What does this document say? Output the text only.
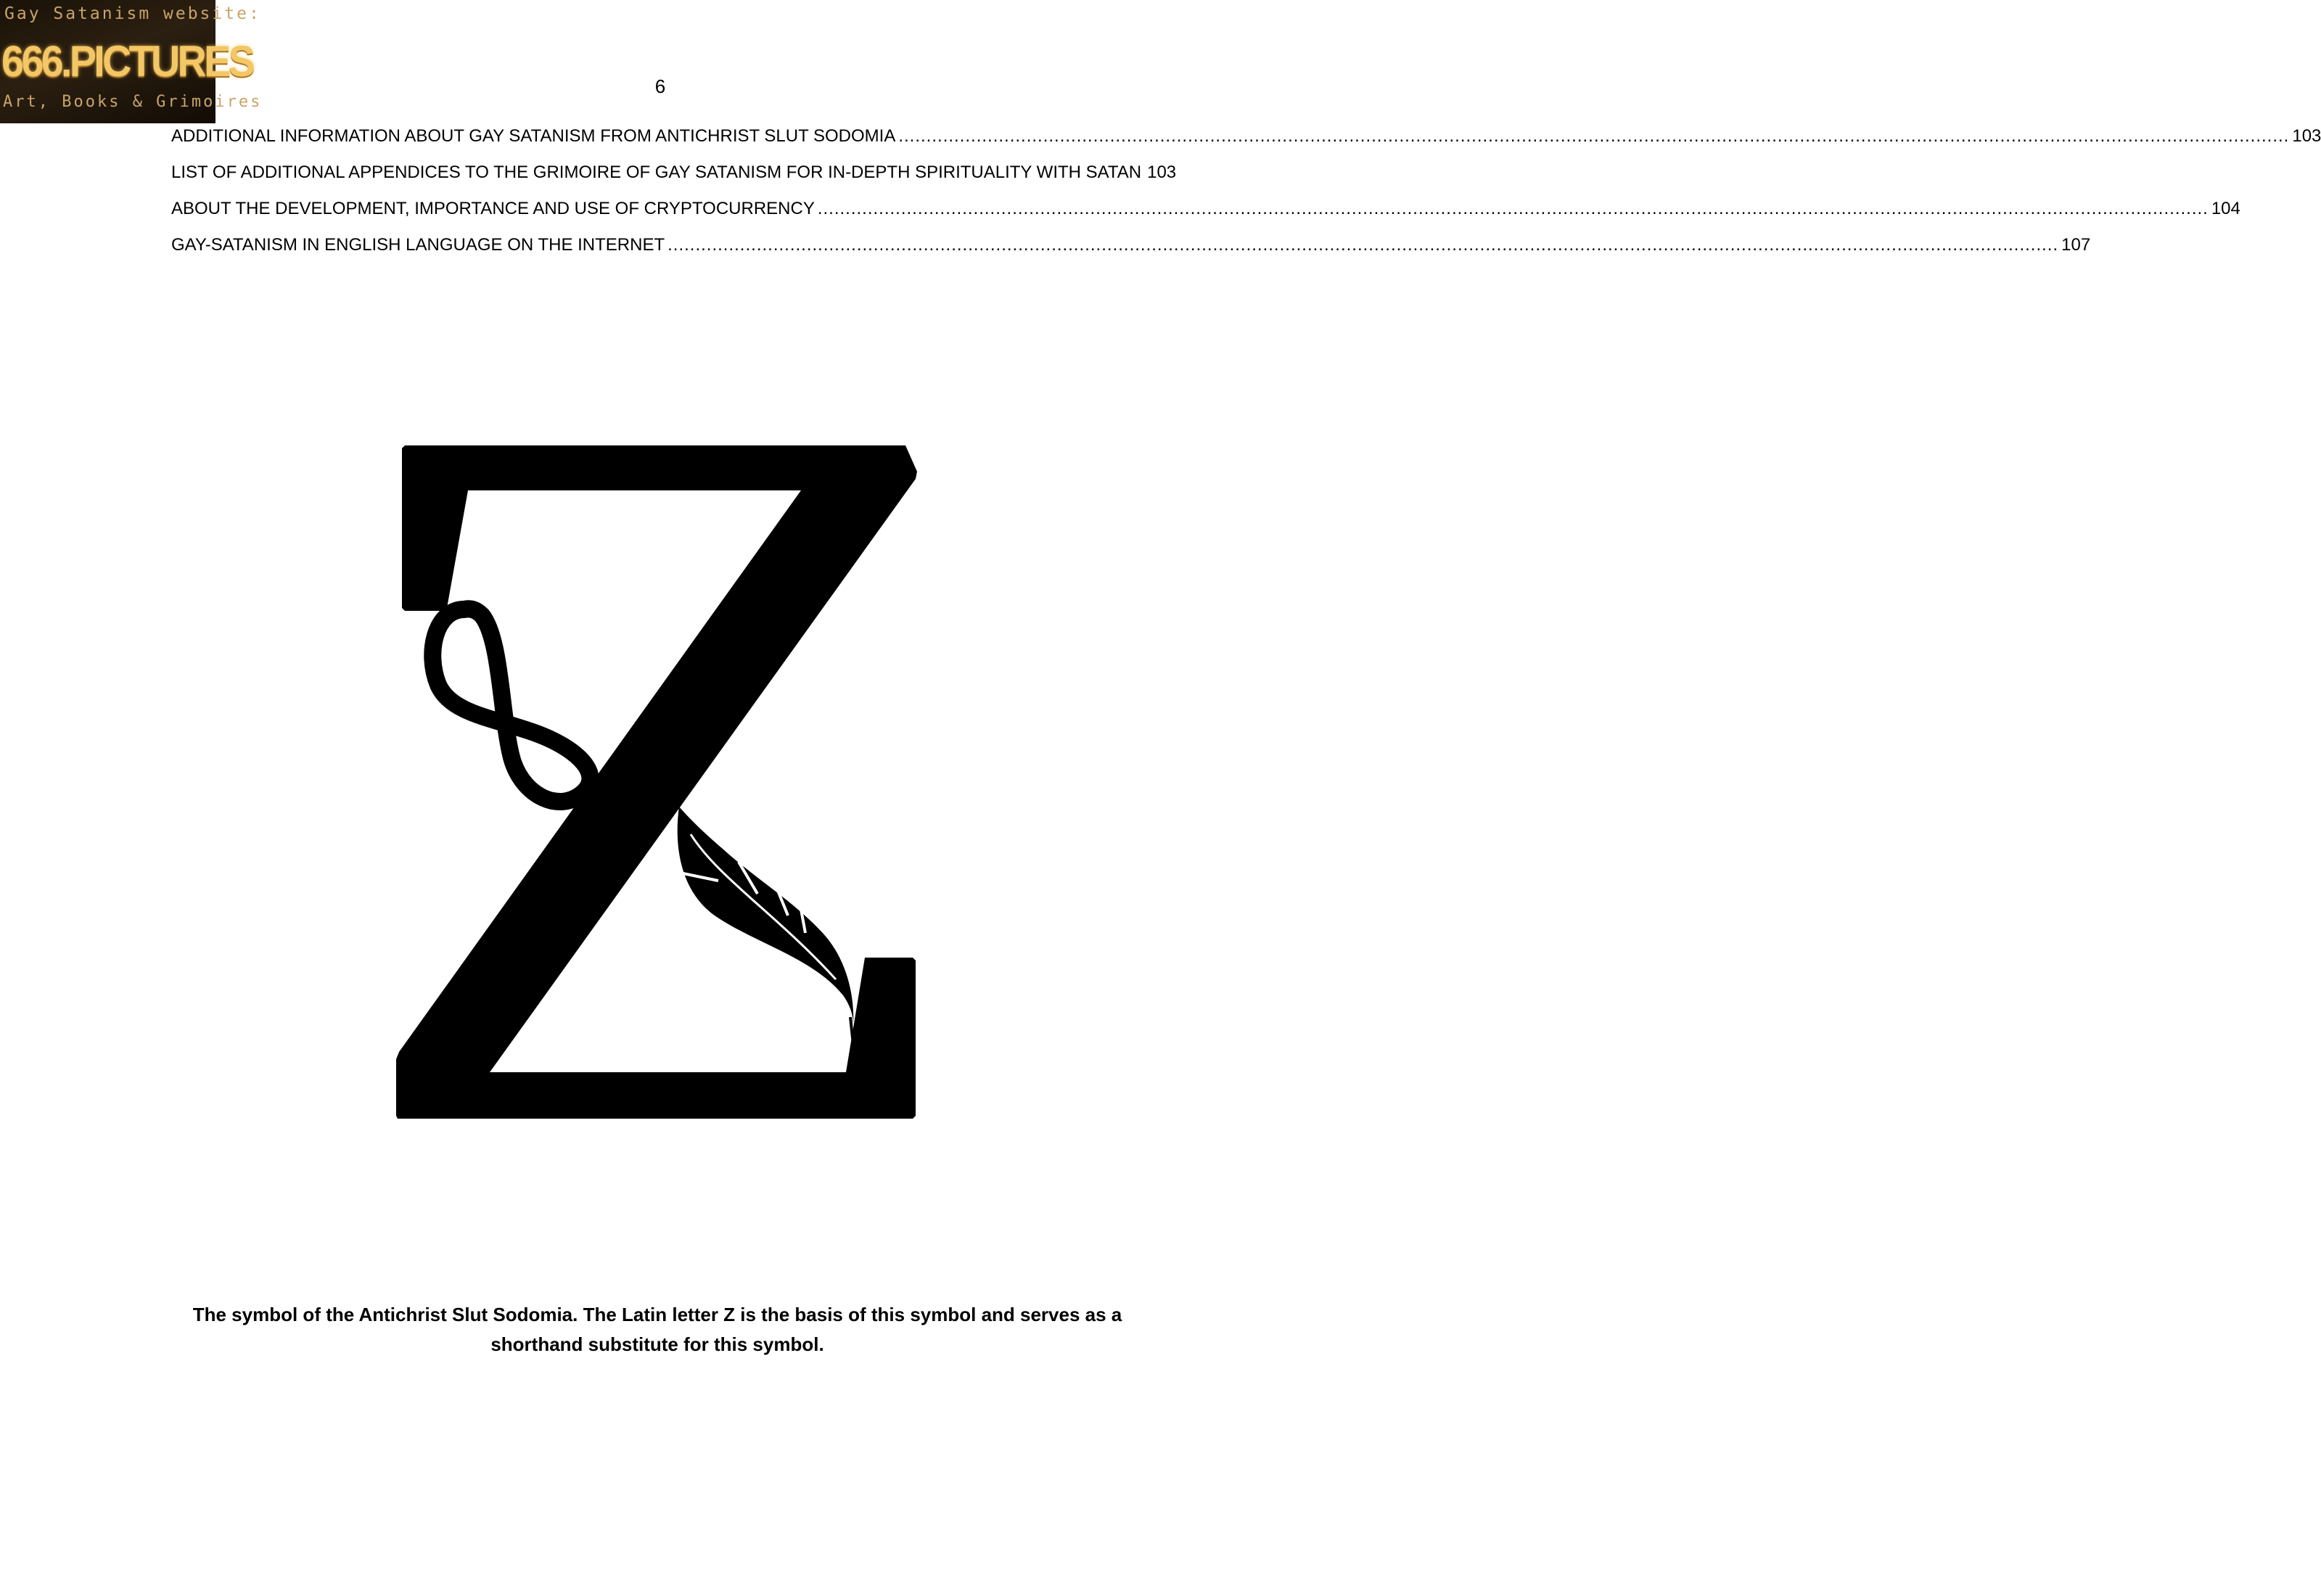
Gay Satanism website:
666.PICTURES
Art, Books & Grimoires
6
ADDITIONAL INFORMATION ABOUT GAY SATANISM FROM ANTICHRIST SLUT SODOMIA .....	103
LIST OF ADDITIONAL APPENDICES TO THE GRIMOIRE OF GAY SATANISM FOR IN-DEPTH SPIRITUALITY WITH SATAN 103
ABOUT THE DEVELOPMENT, IMPORTANCE AND USE OF CRYPTOCURRENCY .....	104
GAY-SATANISM IN ENGLISH LANGUAGE ON THE INTERNET .....	107
The symbol of the Antichrist Slut Sodomia. The Latin letter Z is the basis of this symbol and serves as a shorthand substitute for this symbol.
